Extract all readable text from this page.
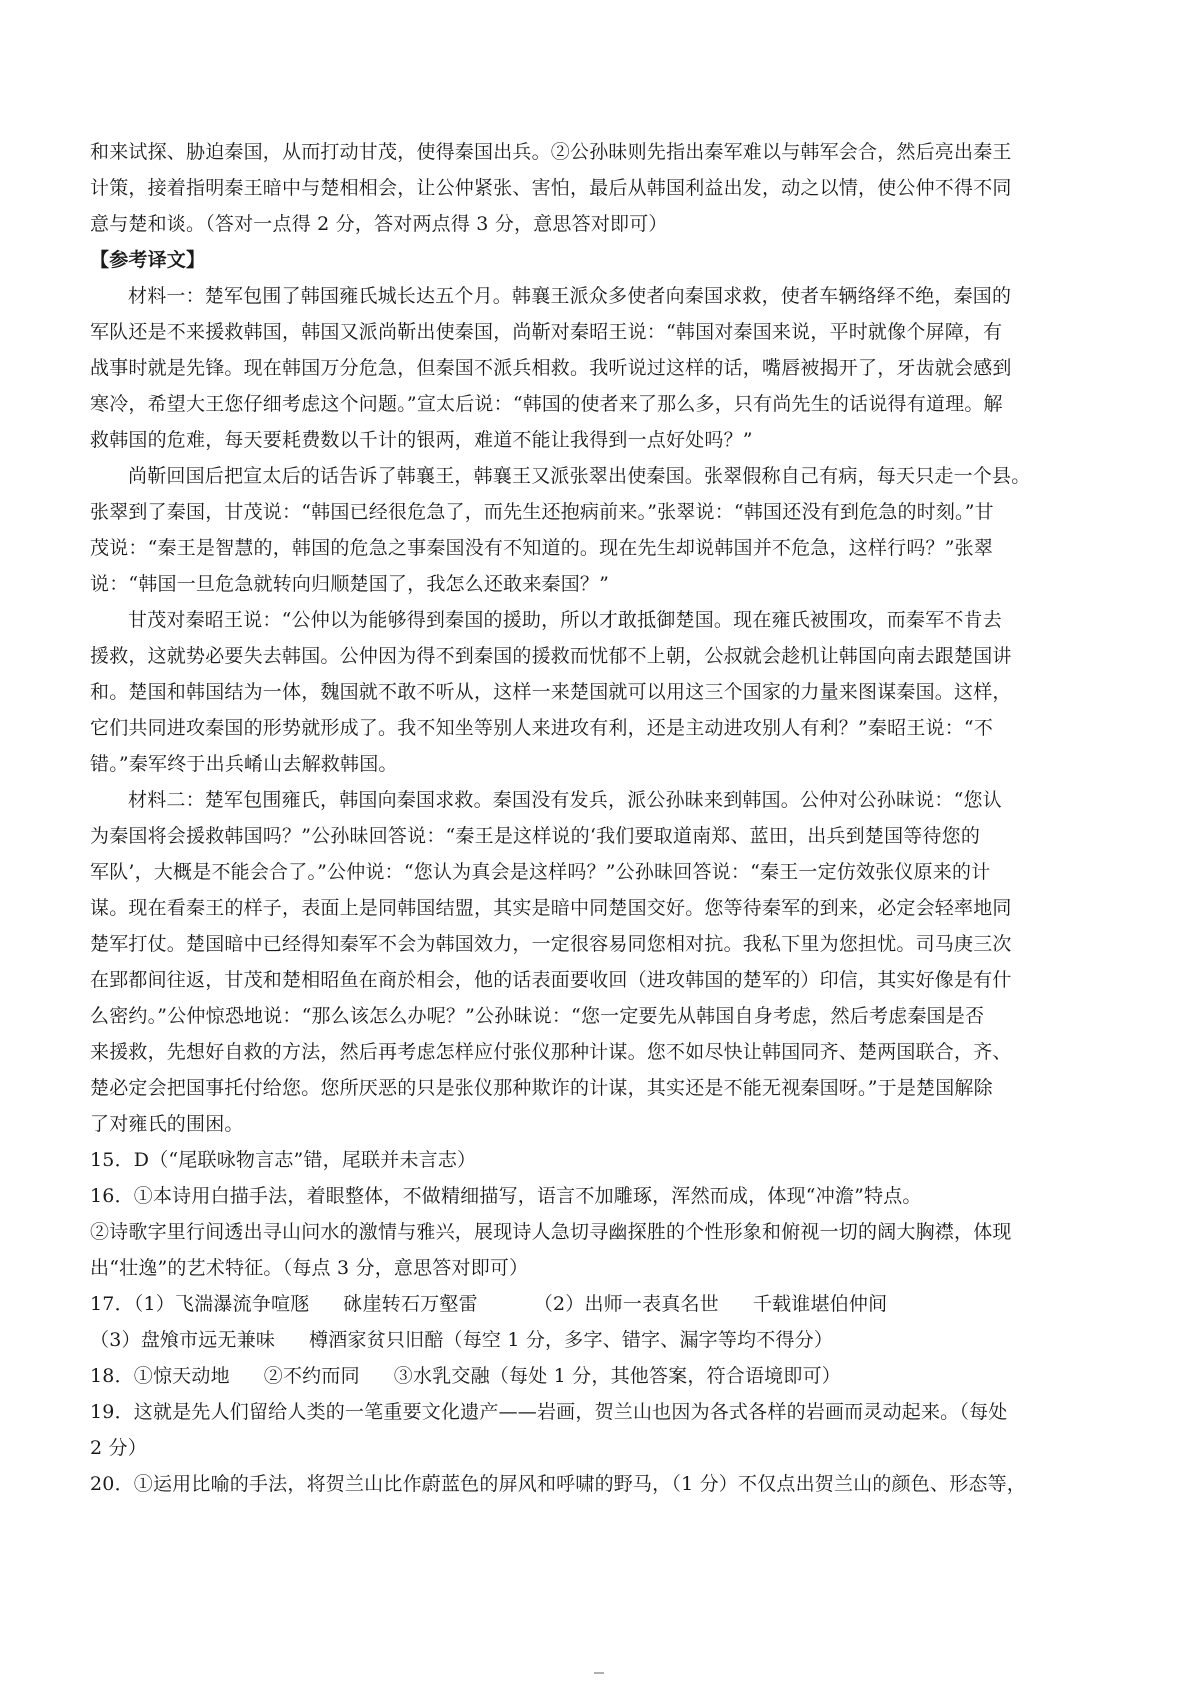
和来试探、胁迫秦国，从而打动甘茂，使得秦国出兵。②公孙昧则先指出秦军难以与韩军会合，然后亮出秦王
计策，接着指明秦王暗中与楚相相会，让公仲紧张、害怕，最后从韩国利益出发，动之以情，使公仲不得不同
意与楚和谈。（答对一点得 2 分，答对两点得 3 分，意思答对即可）
【参考译文】
材料一：楚军包围了韩国雍氏城长达五个月。韩襄王派众多使者向秦国求救，使者车辆络绎不绝，秦国的
军队还是不来援救韩国，韩国又派尚靳出使秦国，尚靳对秦昭王说：“韩国对秦国来说，平时就像个屏障，有
战事时就是先锋。现在韩国万分危急，但秦国不派兵相救。我听说过这样的话，嘴唇被揭开了，牙齿就会感到
寒冷，希望大王您仔细考虑这个问题。”宣太后说：“韩国的使者来了那么多，只有尚先生的话说得有道理。解
救韩国的危难，每天要耗费数以千计的银两，难道不能让我得到一点好处吗？”
尚靳回国后把宣太后的话告诉了韩襄王，韩襄王又派张翠出使秦国。张翠假称自己有病，每天只走一个县。
张翠到了秦国，甘茂说：“韩国已经很危急了，而先生还抱病前来。”张翠说：“韩国还没有到危急的时刻。”甘
茂说：“秦王是智慧的，韩国的危急之事秦国没有不知道的。现在先生却说韩国并不危急，这样行吗？”张翠
说：“韩国一旦危急就转向归顺楚国了，我怎么还敢来秦国？”
甘茂对秦昭王说：“公仲以为能够得到秦国的援助，所以才敢抵御楚国。现在雍氏被围攻，而秦军不肯去
援救，这就势必要失去韩国。公仲因为得不到秦国的援救而忧郁不上朝，公叔就会趁机让韩国向南去跟楚国讲
和。楚国和韩国结为一体，魏国就不敢不听从，这样一来楚国就可以用这三个国家的力量来图谋秦国。这样，
它们共同进攻秦国的形势就形成了。我不知坐等别人来进攻有利，还是主动进攻别人有利？”秦昭王说：“不
错。”秦军终于出兵崤山去解救韩国。
材料二：楚军包围雍氏，韩国向秦国求救。秦国没有发兵，派公孙昧来到韩国。公仲对公孙昧说：“您认
为秦国将会援救韩国吗？”公孙昧回答说：“秦王是这样说的‘我们要取道南郑、蓝田，出兵到楚国等待您的
军队’，大概是不能会合了。”公仲说：“您认为真会是这样吗？”公孙昧回答说：“秦王一定仿效张仪原来的计
谋。现在看秦王的样子，表面上是同韩国结盟，其实是暗中同楚国交好。您等待秦军的到来，必定会轻率地同
楚军打仗。楚国暗中已经得知秦军不会为韩国效力，一定很容易同您相对抗。我私下里为您担忧。司马庚三次
在郢都间往返，甘茂和楚相昭鱼在商於相会，他的话表面要收回（进攻韩国的楚军的）印信，其实好像是有什
么密约。”公仲惊恐地说：“那么该怎么办呢？”公孙昧说：“您一定要先从韩国自身考虑，然后考虑秦国是否
来援救，先想好自救的方法，然后再考虑怎样应付张仪那种计谋。您不如尽快让韩国同齐、楚两国联合，齐、
楚必定会把国事托付给您。您所厌恶的只是张仪那种欺诈的计谋，其实还是不能无视秦国呀。”于是楚国解除
了对雍氏的围困。
15．D（“尾联咏物言志”错，尾联并未言志）
16．①本诗用白描手法，着眼整体，不做精细描写，语言不加雕琢，浑然而成，体现“冲澹”特点。
②诗歌字里行间透出寻山问水的激情与雅兴，展现诗人急切寻幽探胜的个性形象和俯视一切的阔大胸襟，体现
出“壮逸”的艺术特征。（每点 3 分，意思答对即可）
17．（1）飞湍瀑流争喧豗 砯崖转石万壑雷	（2）出师一表真名世 千载谁堪伯仲间
（3）盘飧市远无兼味 樽酒家贫只旧醅（每空 1 分，多字、错字、漏字等均不得分）
18．①惊天动地 ②不约而同 ③水乳交融（每处 1 分，其他答案，符合语境即可）
19．这就是先人们留给人类的一笔重要文化遗产——岩画，贺兰山也因为各式各样的岩画而灵动起来。（每处
2 分）
20．①运用比喻的手法，将贺兰山比作蔚蓝色的屏风和呼啸的野马，（1 分）不仅点出贺兰山的颜色、形态等，
